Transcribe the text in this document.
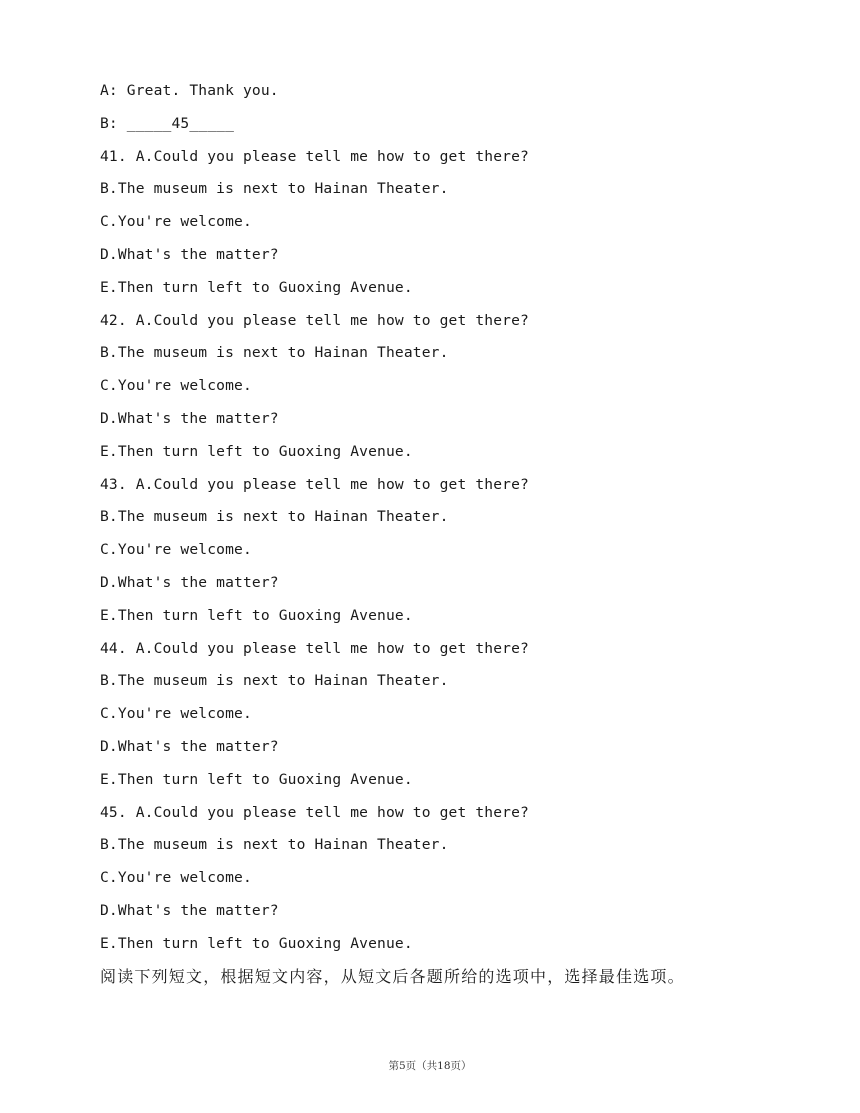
A: Great. Thank you.
B: _____45_____
41. A.Could you please tell me how to get there?
B.The museum is next to Hainan Theater.
C.You're welcome.
D.What's the matter?
E.Then turn left to Guoxing Avenue.
42. A.Could you please tell me how to get there?
B.The museum is next to Hainan Theater.
C.You're welcome.
D.What's the matter?
E.Then turn left to Guoxing Avenue.
43. A.Could you please tell me how to get there?
B.The museum is next to Hainan Theater.
C.You're welcome.
D.What's the matter?
E.Then turn left to Guoxing Avenue.
44. A.Could you please tell me how to get there?
B.The museum is next to Hainan Theater.
C.You're welcome.
D.What's the matter?
E.Then turn left to Guoxing Avenue.
45. A.Could you please tell me how to get there?
B.The museum is next to Hainan Theater.
C.You're welcome.
D.What's the matter?
E.Then turn left to Guoxing Avenue.
阅读下列短文，根据短文内容，从短文后各题所给的选项中，选择最佳选项。
第5页（共18页）
